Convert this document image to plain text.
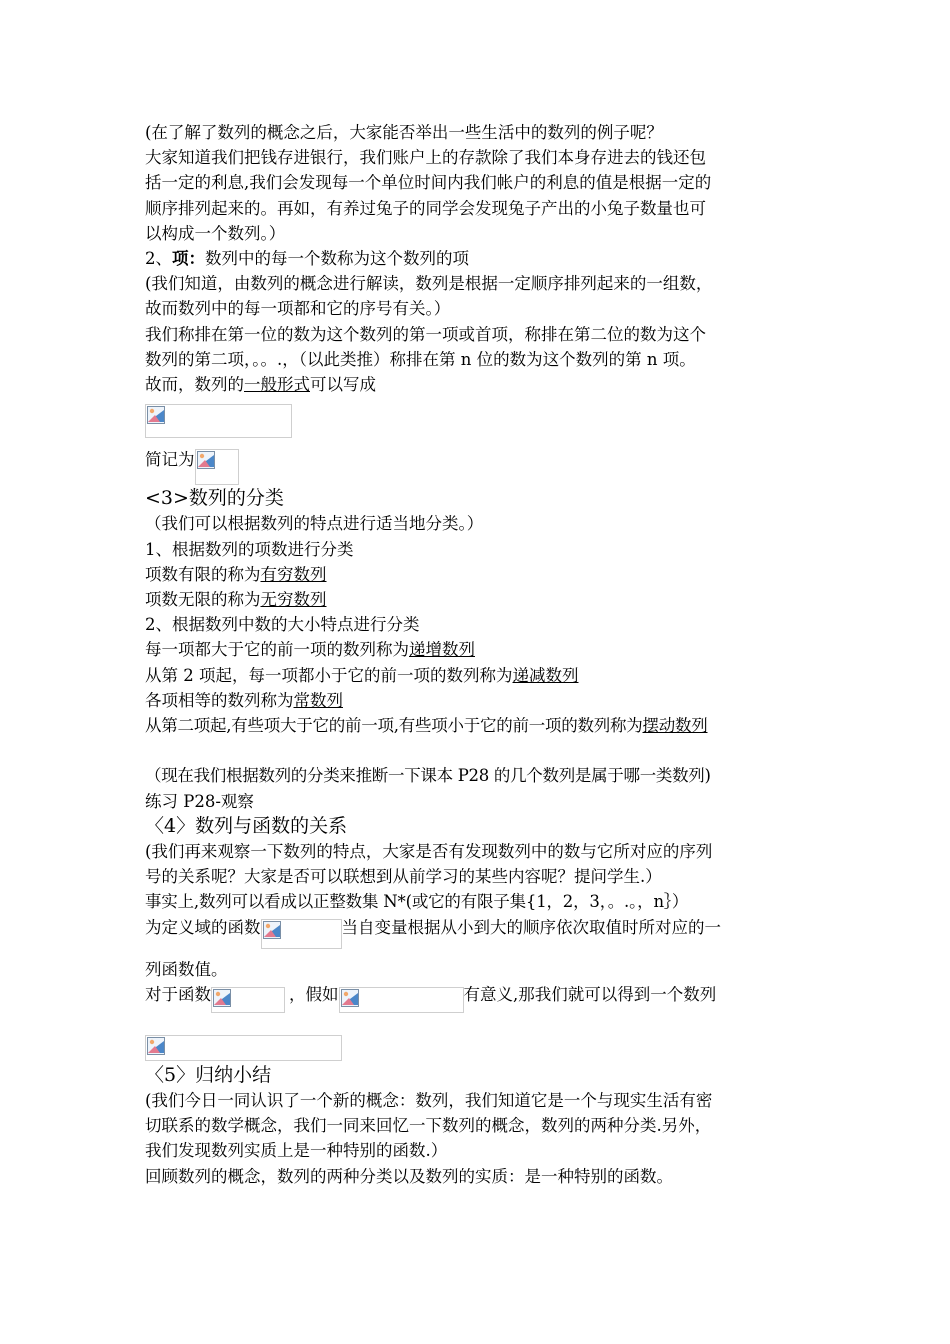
(在了解了数列的概念之后，大家能否举出一些生活中的数列的例子呢？
大家知道我们把钱存进银行，我们账户上的存款除了我们本身存进去的钱还包
括一定的利息,我们会发现每一个单位时间内我们帐户的利息的值是根据一定的
顺序排列起来的。再如，有养过兔子的同学会发现兔子产出的小兔子数量也可
以构成一个数列。）
2、项：数列中的每一个数称为这个数列的项
(我们知道，由数列的概念进行解读，数列是根据一定顺序排列起来的一组数，
故而数列中的每一项都和它的序号有关。）
我们称排在第一位的数为这个数列的第一项或首项，称排在第二位的数为这个
数列的第二项，。。.，（以此类推）称排在第 n 位的数为这个数列的第 n 项。
故而，数列的一般形式可以写成
简记为
<3>数列的分类
（我们可以根据数列的特点进行适当地分类。）
1、根据数列的项数进行分类
项数有限的称为有穷数列
项数无限的称为无穷数列
2、根据数列中数的大小特点进行分类
每一项都大于它的前一项的数列称为递增数列
从第 2 项起，每一项都小于它的前一项的数列称为递减数列
各项相等的数列称为常数列
从第二项起,有些项大于它的前一项,有些项小于它的前一项的数列称为摆动数列
（现在我们根据数列的分类来推断一下课本 P28 的几个数列是属于哪一类数列)
练习 P28-观察
〈4〉数列与函数的关系
(我们再来观察一下数列的特点，大家是否有发现数列中的数与它所对应的序列
号的关系呢？大家是否可以联想到从前学习的某些内容呢？提问学生.）
事实上,数列可以看成以正整数集 N*(或它的有限子集{1，2，3，。.。，n｝）
为定义域的函数	当自变量根据从小到大的顺序依次取值时所对应的一
列函数值。
对于函数	，假如	有意义,那我们就可以得到一个数列
〈5〉归纳小结
(我们今日一同认识了一个新的概念：数列，我们知道它是一个与现实生活有密
切联系的数学概念，我们一同来回忆一下数列的概念，数列的两种分类.另外，
我们发现数列实质上是一种特别的函数.）
回顾数列的概念，数列的两种分类以及数列的实质：是一种特别的函数。
